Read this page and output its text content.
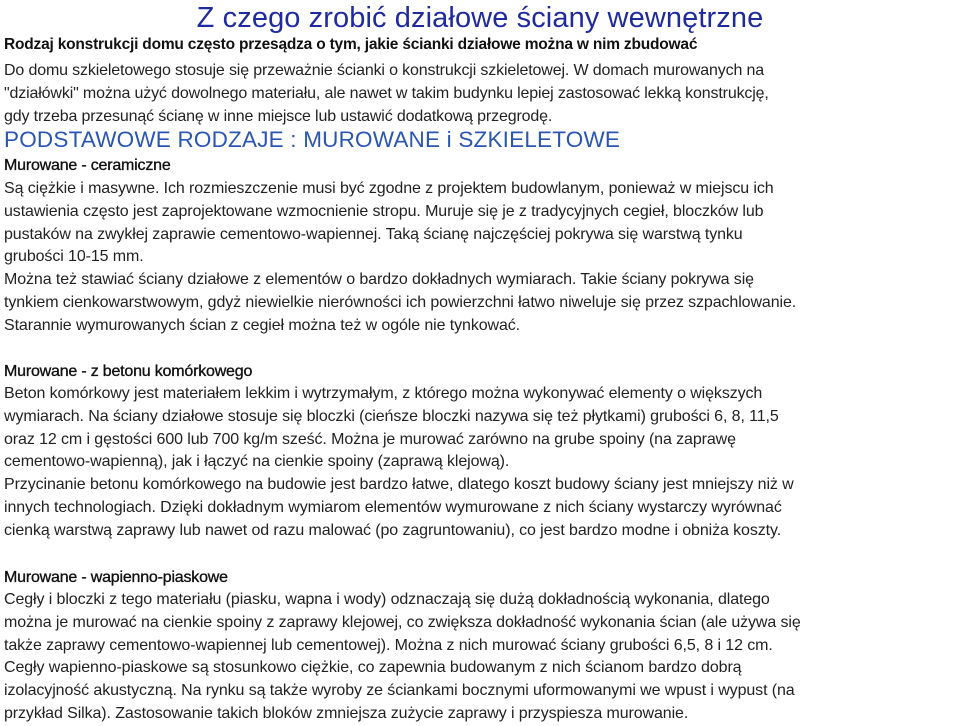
Z czego zrobić działowe ściany wewnętrzne
Rodzaj konstrukcji domu często przesądza o tym, jakie ścianki działowe można w nim zbudować
Do domu szkieletowego stosuje się przeważnie ścianki o konstrukcji szkieletowej. W domach murowanych na
"działówki" można użyć dowolnego materiału, ale nawet w takim budynku lepiej zastosować lekką konstrukcję,
gdy trzeba przesunąć ścianę w inne miejsce lub ustawić dodatkową przegrodę.
PODSTAWOWE RODZAJE : MUROWANE i SZKIELETOWE
Murowane - ceramiczne
Są ciężkie i masywne. Ich rozmieszczenie musi być zgodne z projektem budowlanym, ponieważ w miejscu ich
ustawienia często jest zaprojektowane wzmocnienie stropu. Muruje się je z tradycyjnych cegieł, bloczków lub
pustaków na zwykłej zaprawie cementowo-wapiennej. Taką ścianę najczęściej pokrywa się warstwą tynku
grubości 10-15 mm.
Można też stawiać ściany działowe z elementów o bardzo dokładnych wymiarach. Takie ściany pokrywa się
tynkiem cienkowarstwowym, gdyż niewielkie nierówności ich powierzchni łatwo niweluje się przez szpachlowanie.
Starannie wymurowanych ścian z cegieł można też w ogóle nie tynkować.
Murowane - z betonu komórkowego
Beton komórkowy jest materiałem lekkim i wytrzymałym, z którego można wykonywać elementy o większych
wymiarach. Na ściany działowe stosuje się bloczki (cieńsze bloczki nazywa się też płytkami) grubości 6, 8, 11,5
oraz 12 cm i gęstości 600 lub 700 kg/m sześć. Można je murować zarówno na grube spoiny (na zaprawę
cementowo-wapienną), jak i łączyć na cienkie spoiny (zaprawą klejową).
Przycinanie betonu komórkowego na budowie jest bardzo łatwe, dlatego koszt budowy ściany jest mniejszy niż w
innych technologiach. Dzięki dokładnym wymiarom elementów wymurowane z nich ściany wystarczy wyrównać
cienką warstwą zaprawy lub nawet od razu malować (po zagruntowaniu), co jest bardzo modne i obniża koszty.
Murowane - wapienno-piaskowe
Cegły i bloczki z tego materiału (piasku, wapna i wody) odznaczają się dużą dokładnością wykonania, dlatego
można je murować na cienkie spoiny z zaprawy klejowej, co zwiększa dokładność wykonania ścian (ale używa się
także zaprawy cementowo-wapiennej lub cementowej). Można z nich murować ściany grubości 6,5, 8 i 12 cm.
Cegły wapienno-piaskowe są stosunkowo ciężkie, co zapewnia budowanym z nich ścianom bardzo dobrą
izolacyjność akustyczną. Na rynku są także wyroby ze ściankami bocznymi uformowanymi we wpust i wypust (na
przykład Silka). Zastosowanie takich bloków zmniejsza zużycie zaprawy i przyspiesza murowanie.
